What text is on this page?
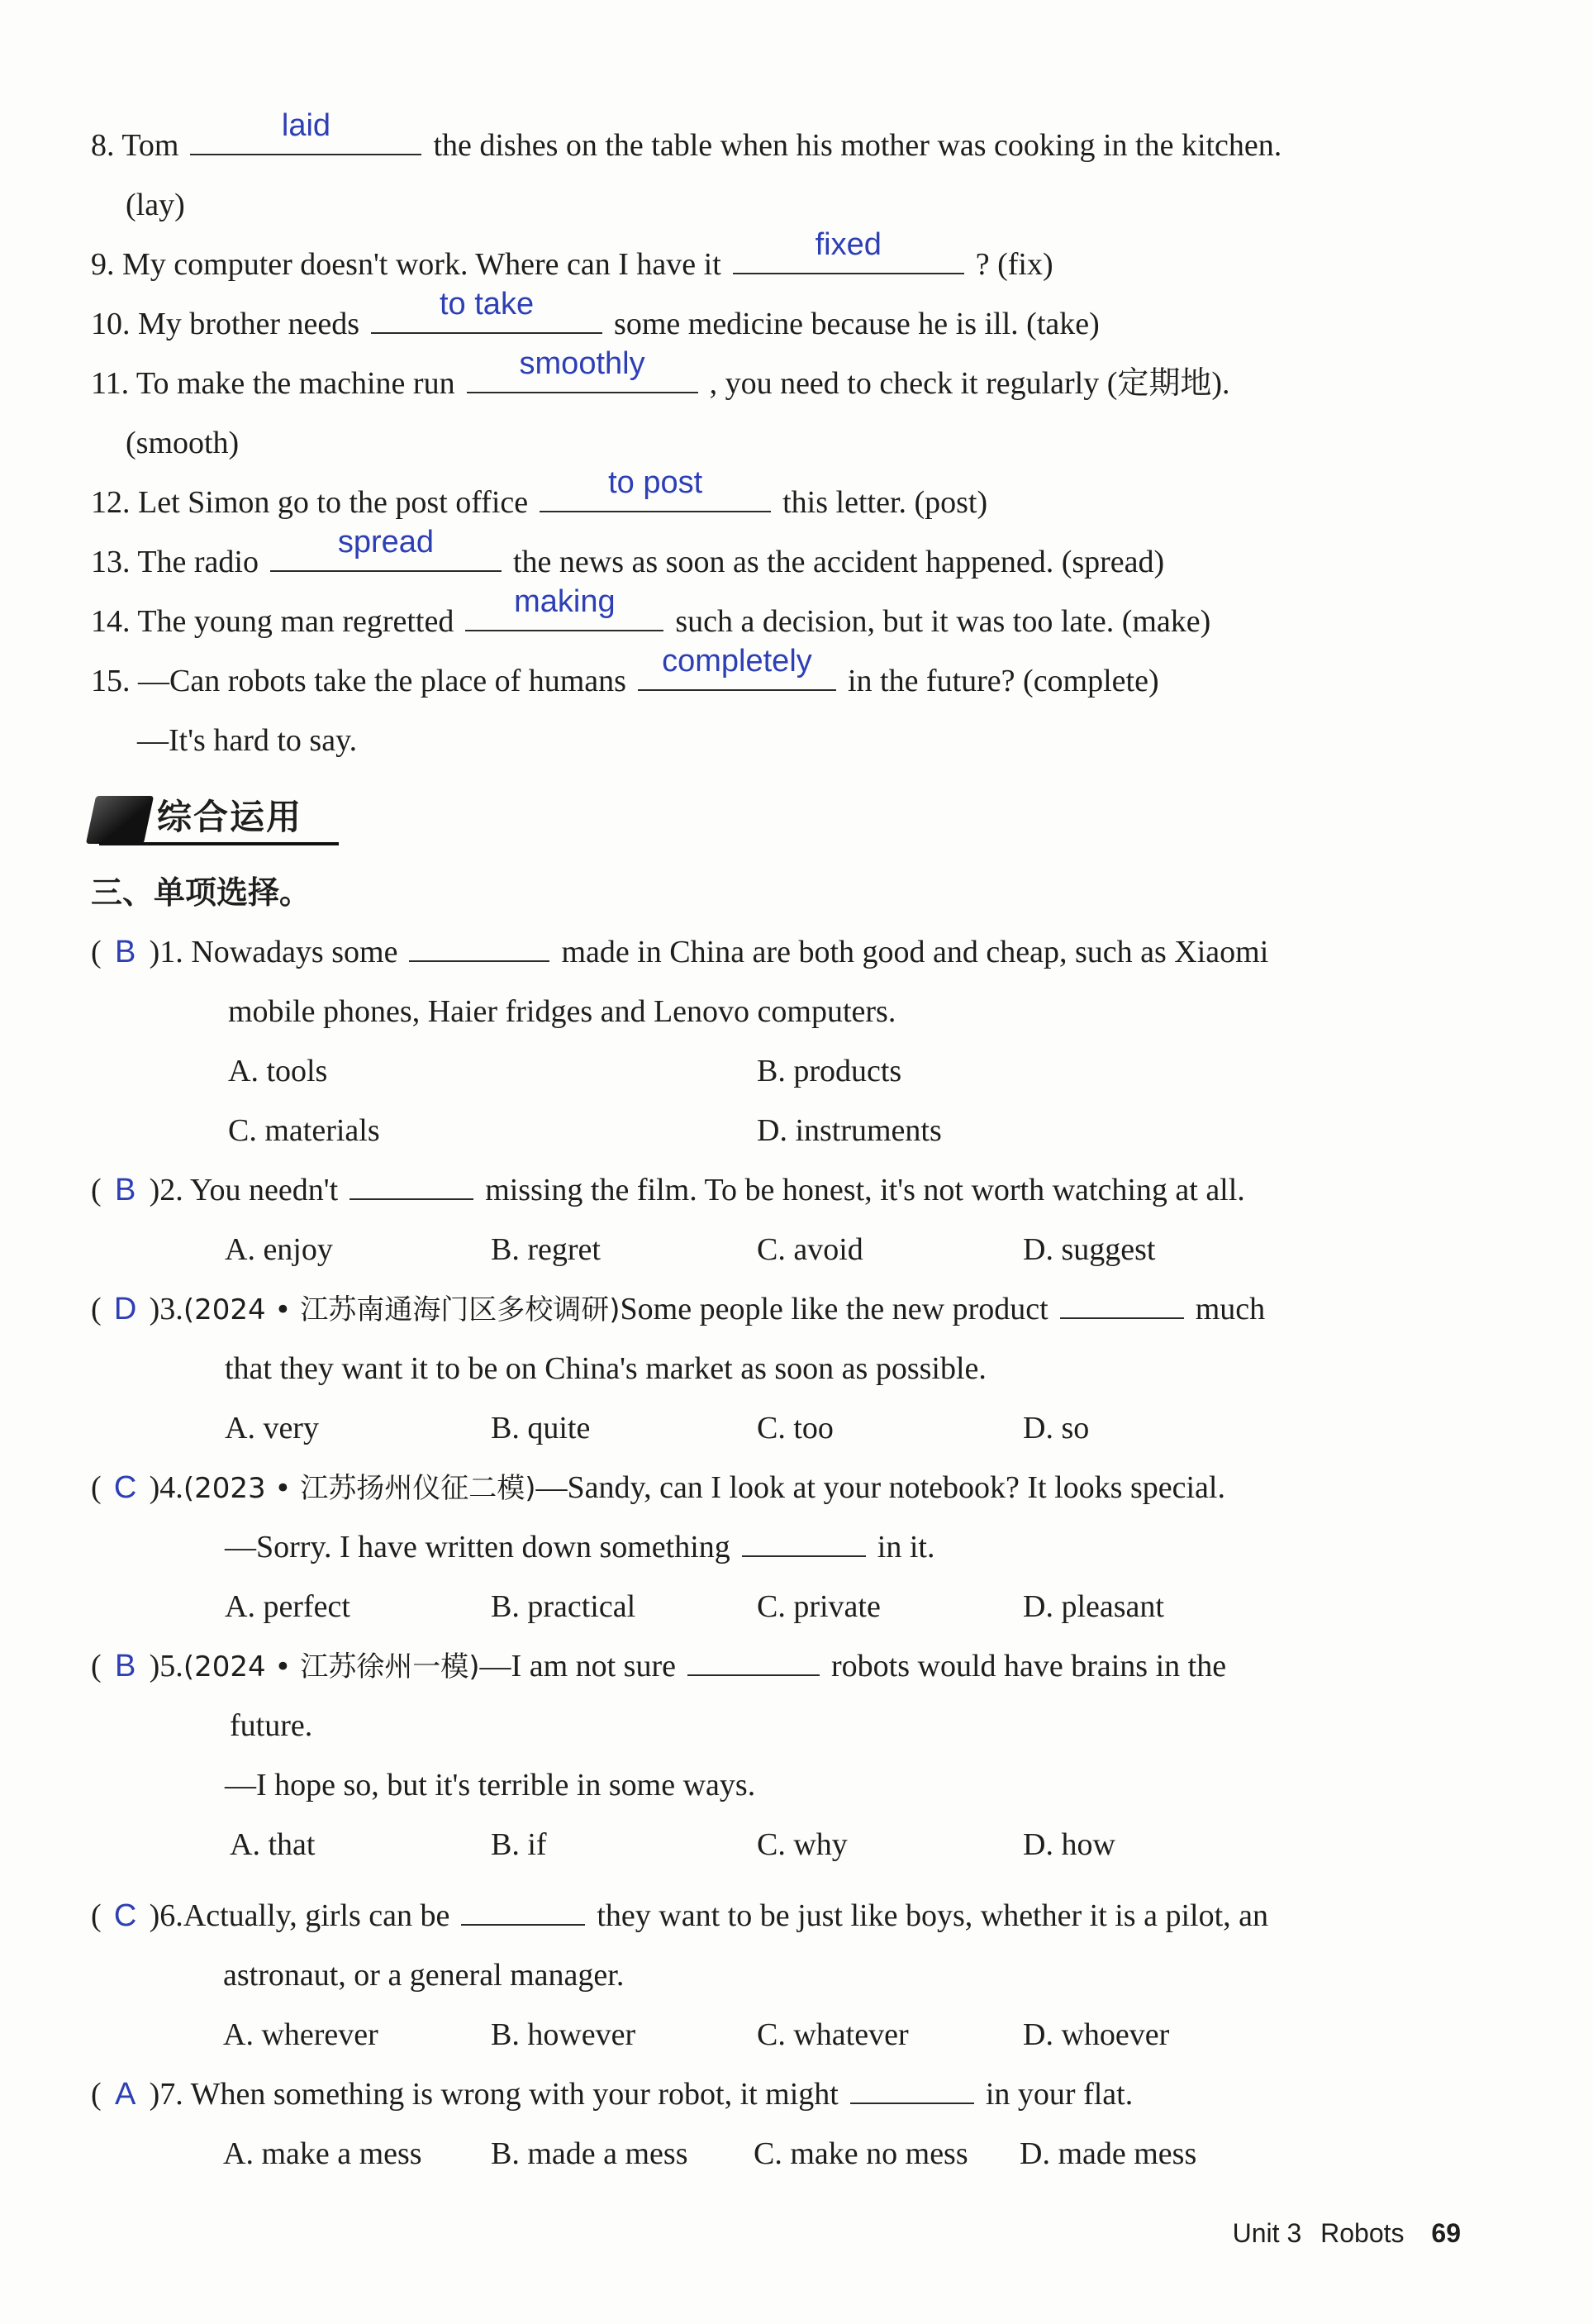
8. Tom
laid
the dishes on the table when his mother was cooking in the kitchen.
(lay)
9. My computer doesn't work. Where can I have it
fixed
? (fix)
10. My brother needs
to take
some medicine because he is ill. (take)
11. To make the machine run
smoothly
, you need to check it regularly (定期地).
(smooth)
12. Let Simon go to the post office
to post
this letter. (post)
13. The radio
spread
the news as soon as the accident happened. (spread)
14. The young man regretted
making
such a decision, but it was too late. (make)
15. —Can robots take the place of humans
completely
in the future? (complete)
—It's hard to say.
综合运用
三、单项选择。
( B )1. Nowadays some	made in China are both good and cheap, such as Xiaomi
mobile phones, Haier fridges and Lenovo computers.
A. tools	B. products
C. materials	D. instruments
( B )2. You needn't	missing the film. To be honest, it's not worth watching at all.
A. enjoy	B. regret	C. avoid	D. suggest
( D )3.(2024 • 江苏南通海门区多校调研)Some people like the new product	much
that they want it to be on China's market as soon as possible.
A. very	B. quite	C. too	D. so
( C )4.(2023 • 江苏扬州仪征二模)—Sandy, can I look at your notebook? It looks special.
—Sorry. I have written down something	in it.
A. perfect	B. practical	C. private	D. pleasant
( B )5.(2024 • 江苏徐州一模)—I am not sure	robots would have brains in the
future.
—I hope so, but it's terrible in some ways.
A. that	B. if	C. why	D. how
( C )6.Actually, girls can be	they want to be just like boys, whether it is a pilot, an
astronaut, or a general manager.
A. wherever	B. however	C. whatever	D. whoever
( A )7. When something is wrong with your robot, it might	in your flat.
A. make a mess B. made a mess C. make no mess D. made mess
Unit 3 Robots 69
